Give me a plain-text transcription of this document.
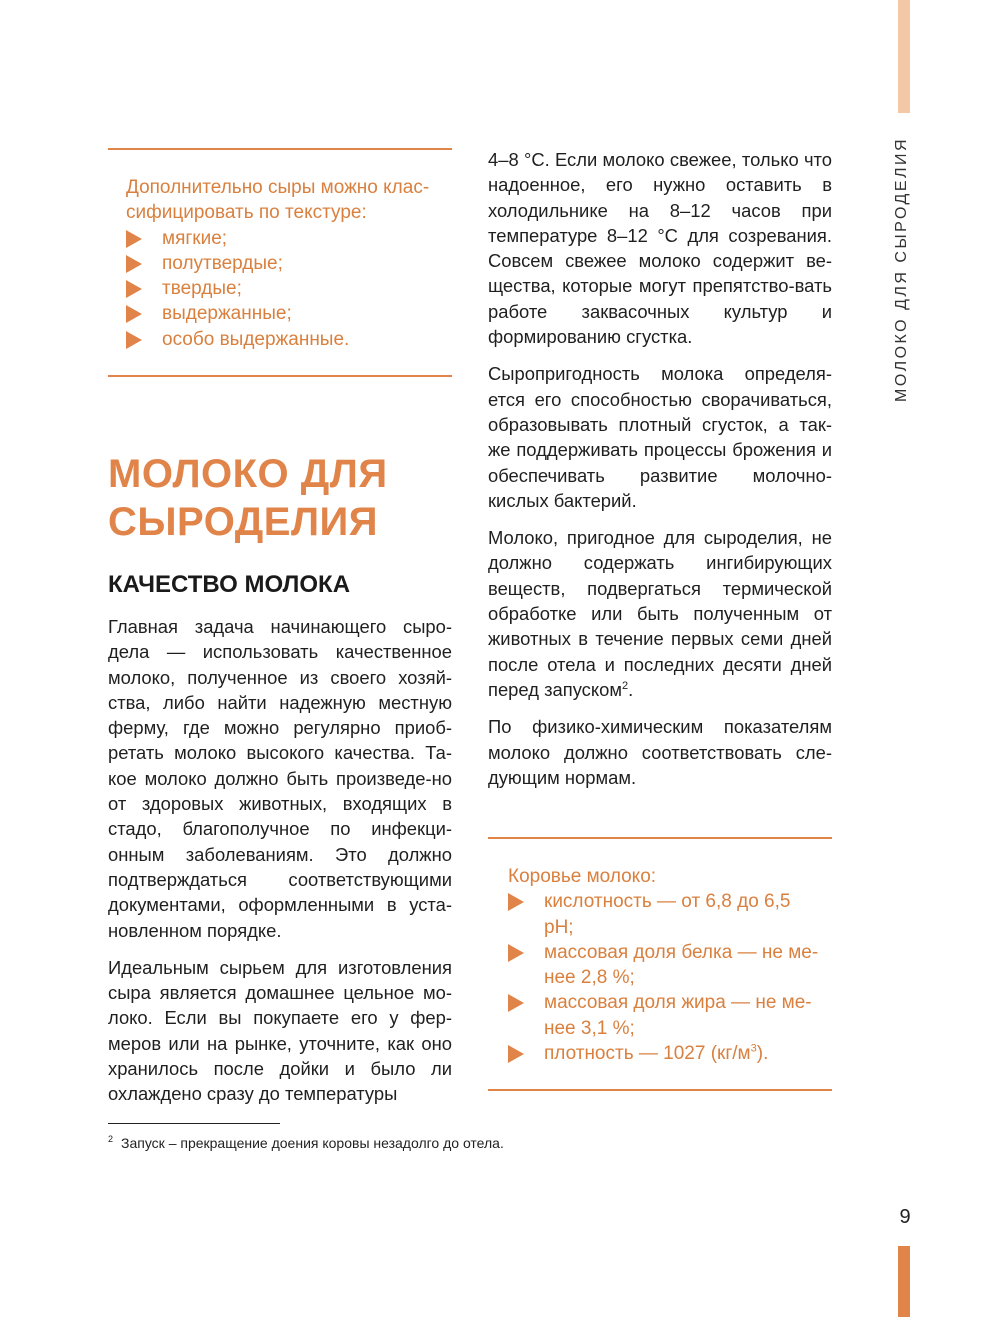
МОЛОКО ДЛЯ СЫРОДЕЛИЯ
9

Дополнительно сыры можно клас-сифицировать по текстуре:

мягкие;
полутвердые;
твердые;
выдержанные;
особо выдержанные.
МОЛОКО ДЛЯ СЫРОДЕЛИЯ
КАЧЕСТВО МОЛОКА

Главная задача начинающего сыро-дела — использовать качественное молоко, полученное из своего хозяй-ства, либо найти надежную местную ферму, где можно регулярно приоб-ретать молоко высокого качества. Та-кое молоко должно быть произведе-но от здоровых животных, входящих в стадо, благополучное по инфекци-онным заболеваниям. Это должно подтверждаться соответствующими документами, оформленными в уста-новленном порядке.

Идеальным сырьем для изготовления сыра является домашнее цельное мо-локо. Если вы покупаете его у фер-меров или на рынке, уточните, как оно хранилось после дойки и было ли охлаждено сразу до температуры

4–8 °С. Если молоко свежее, только что надоенное, его нужно оставить в холодильнике на 8–12 часов при температуре 8–12 °С для созревания. Совсем свежее молоко содержит ве-щества, которые могут препятство-вать работе заквасочных культур и формированию сгустка.

Сыропригодность молока определя-ется его способностью сворачиваться, образовывать плотный сгусток, а так-же поддерживать процессы брожения и обеспечивать развитие молочно-кислых бактерий.

Молоко, пригодное для сыроделия, не должно содержать ингибирующих веществ, подвергаться термической обработке или быть полученным от животных в течение первых семи дней после отела и последних десяти дней перед запуском$^2$.

По физико-химическим показателям молоко должно соответствовать сле-дующим нормам.

Коровье молоко:

кислотность — от 6,8 до 6,5 рН;
массовая доля белка — не ме-нее 2,8 %;
массовая доля жира — не ме-нее 3,1 %;
плотность — 1027 $(кг/м^3)$.
$^2$ Запуск – прекращение доения коровы незадолго до отела.
